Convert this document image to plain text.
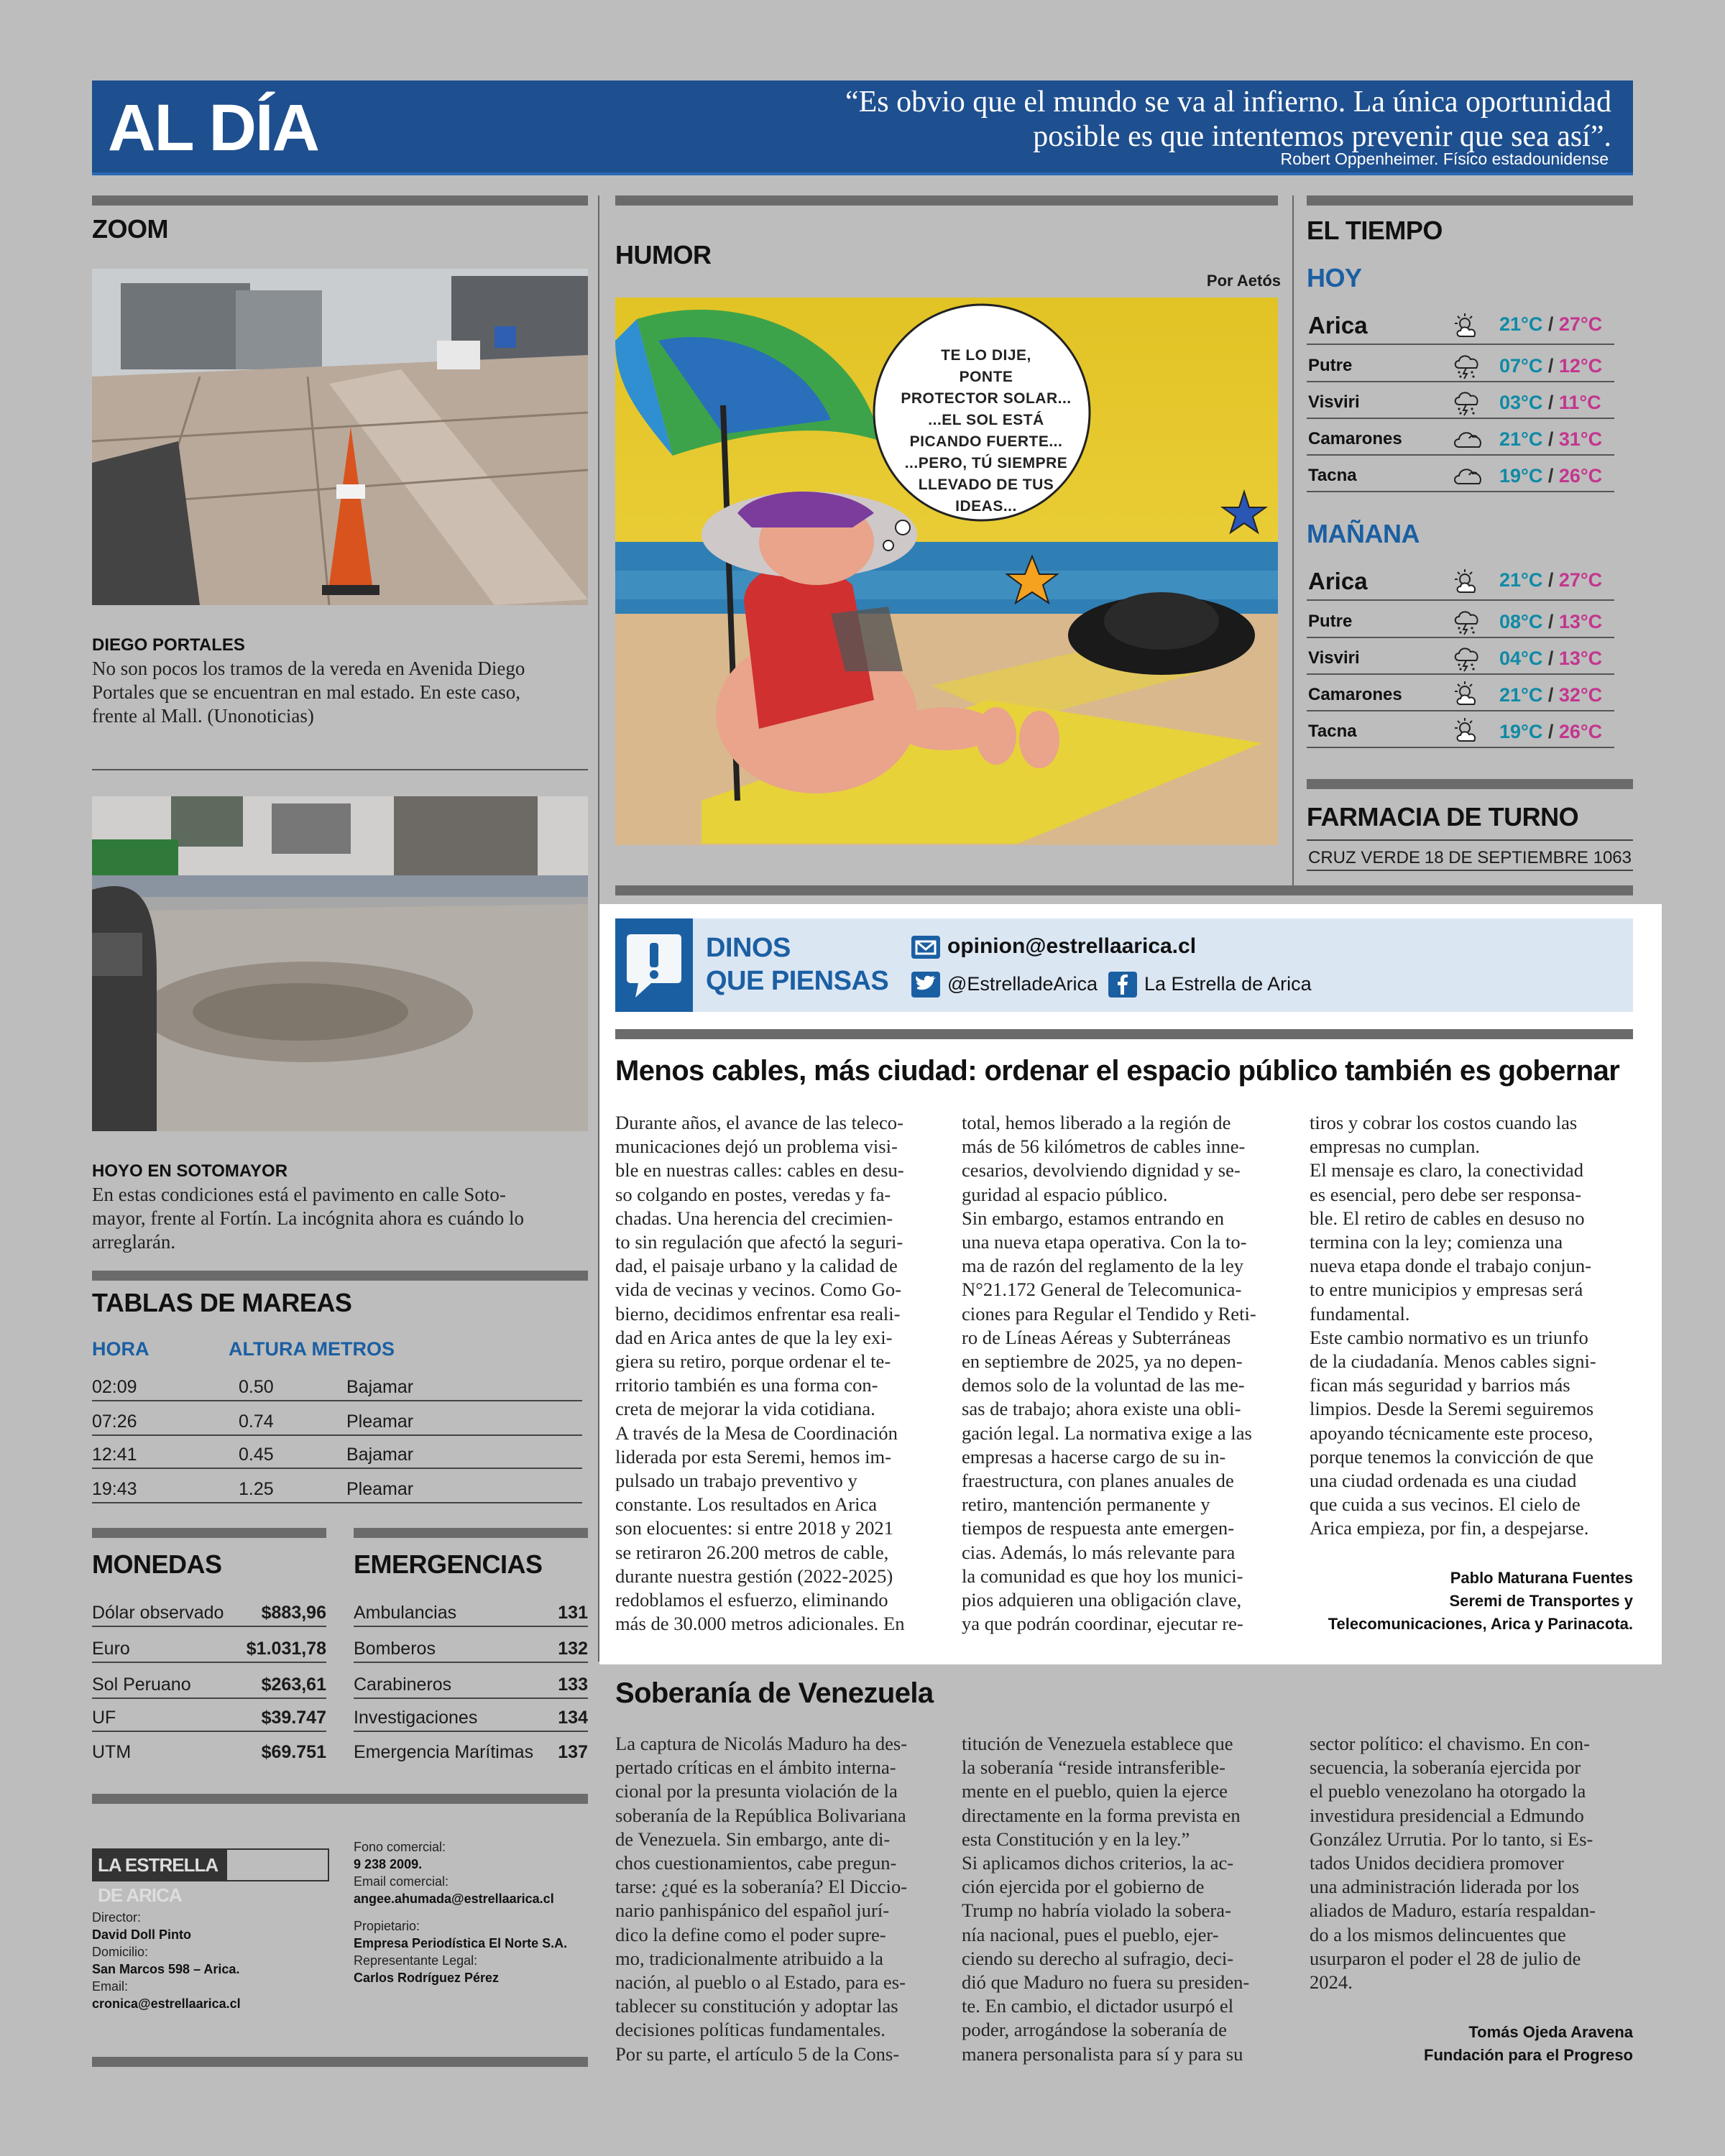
AL DÍA	“Es obvio que el mundo se va al infierno. La única oportunidad
posible es que intentemos prevenir que sea así”.
Robert Oppenheimer. Físico estadounidense
ZOOM
DIEGO PORTALES
No son pocos los tramos de la vereda en Avenida Diego
Portales que se encuentran en mal estado. En este caso,
frente al Mall. (Unonoticias)
HOYO EN SOTOMAYOR
En estas condiciones está el pavimento en calle Soto-
mayor, frente al Fortín. La incógnita ahora es cuándo lo
arreglarán.
TABLAS DE MAREAS
HORA	ALTURA METROS
02:09	0.50	Bajamar
07:26	0.74	Pleamar
12:41	0.45	Bajamar
19:43	1.25	Pleamar
MONEDAS
Dólar observado $883,96
Euro	$1.031,78
Sol Peruano	$263,61
UF	$39.747
UTM	$69.751
EMERGENCIAS
Ambulancias	131
Bomberos	132
Carabineros	133
Investigaciones	134
Emergencia Marítimas 137
LA ESTRELLA DE ARICA
Director:
David Doll Pinto
Domicilio:
San Marcos 598 – Arica.
Email:
cronica@estrellaarica.cl
Fono comercial:
9 238 2009.
Email comercial:
angee.ahumada@estrellaarica.cl
Propietario:
Empresa Periodística El Norte S.A.
Representante Legal:
Carlos Rodríguez Pérez
HUMOR
Por Aetós
TE LO DIJE,
PONTE
PROTECTOR SOLAR...
...EL SOL ESTÁ
PICANDO FUERTE...
...PERO, TÚ SIEMPRE
LLEVADO DE TUS
IDEAS...
EL TIEMPO
HOY
Arica	21°C / 27°C
Putre	07°C / 12°C
Visviri	03°C / 11°C
Camarones	21°C / 31°C
Tacna	19°C / 26°C
MAÑANA
Arica	21°C / 27°C
Putre	08°C / 13°C
Visviri	04°C / 13°C
Camarones	21°C / 32°C
Tacna	19°C / 26°C
FARMACIA DE TURNO
CRUZ VERDE 18 DE SEPTIEMBRE 1063
DINOS
QUE PIENSAS
opinion@estrellaarica.cl
@EstrelladeArica La Estrella de Arica
Menos cables, más ciudad: ordenar el espacio público también es gobernar

Durante años, el avance de las teleco-

municaciones dejó un problema visi-

ble en nuestras calles: cables en desu-

so colgando en postes, veredas y fa-

chadas. Una herencia del crecimien-

to sin regulación que afectó la seguri-

dad, el paisaje urbano y la calidad de

vida de vecinas y vecinos. Como Go-

bierno, decidimos enfrentar esa reali-

dad en Arica antes de que la ley exi-

giera su retiro, porque ordenar el te-

rritorio también es una forma con-

creta de mejorar la vida cotidiana.

A través de la Mesa de Coordinación

liderada por esta Seremi, hemos im-

pulsado un trabajo preventivo y

constante. Los resultados en Arica

son elocuentes: si entre 2018 y 2021

se retiraron 26.200 metros de cable,

durante nuestra gestión (2022-2025)

redoblamos el esfuerzo, eliminando

más de 30.000 metros adicionales. En

total, hemos liberado a la región de

más de 56 kilómetros de cables inne-

cesarios, devolviendo dignidad y se-

guridad al espacio público.

Sin embargo, estamos entrando en

una nueva etapa operativa. Con la to-

ma de razón del reglamento de la ley

N°21.172 General de Telecomunica-

ciones para Regular el Tendido y Reti-

ro de Líneas Aéreas y Subterráneas

en septiembre de 2025, ya no depen-

demos solo de la voluntad de las me-

sas de trabajo; ahora existe una obli-

gación legal. La normativa exige a las

empresas a hacerse cargo de su in-

fraestructura, con planes anuales de

retiro, mantención permanente y

tiempos de respuesta ante emergen-

cias. Además, lo más relevante para

la comunidad es que hoy los munici-

pios adquieren una obligación clave,

ya que podrán coordinar, ejecutar re-

tiros y cobrar los costos cuando las

empresas no cumplan.

El mensaje es claro, la conectividad

es esencial, pero debe ser responsa-

ble. El retiro de cables en desuso no

termina con la ley; comienza una

nueva etapa donde el trabajo conjun-

to entre municipios y empresas será

fundamental.

Este cambio normativo es un triunfo

de la ciudadanía. Menos cables signi-

fican más seguridad y barrios más

limpios. Desde la Seremi seguiremos

apoyando técnicamente este proceso,

porque tenemos la convicción de que

una ciudad ordenada es una ciudad

que cuida a sus vecinos. El cielo de

Arica empieza, por fin, a despejarse.

Pablo Maturana Fuentes
Seremi de Transportes y
Telecomunicaciones, Arica y Parinacota.
Soberanía de Venezuela

La captura de Nicolás Maduro ha des-

pertado críticas en el ámbito interna-

cional por la presunta violación de la

soberanía de la República Bolivariana

de Venezuela. Sin embargo, ante di-

chos cuestionamientos, cabe pregun-

tarse: ¿qué es la soberanía? El Diccio-

nario panhispánico del español jurí-

dico la define como el poder supre-

mo, tradicionalmente atribuido a la

nación, al pueblo o al Estado, para es-

tablecer su constitución y adoptar las

decisiones políticas fundamentales.

Por su parte, el artículo 5 de la Cons-

titución de Venezuela establece que

la soberanía “reside intransferible-

mente en el pueblo, quien la ejerce

directamente en la forma prevista en

esta Constitución y en la ley.”

Si aplicamos dichos criterios, la ac-

ción ejercida por el gobierno de

Trump no habría violado la sobera-

nía nacional, pues el pueblo, ejer-

ciendo su derecho al sufragio, deci-

dió que Maduro no fuera su presiden-

te. En cambio, el dictador usurpó el

poder, arrogándose la soberanía de

manera personalista para sí y para su

sector político: el chavismo. En con-

secuencia, la soberanía ejercida por

el pueblo venezolano ha otorgado la

investidura presidencial a Edmundo

González Urrutia. Por lo tanto, si Es-

tados Unidos decidiera promover

una administración liderada por los

aliados de Maduro, estaría respaldan-

do a los mismos delincuentes que

usurparon el poder el 28 de julio de

2024.

Tomás Ojeda Aravena
Fundación para el Progreso
